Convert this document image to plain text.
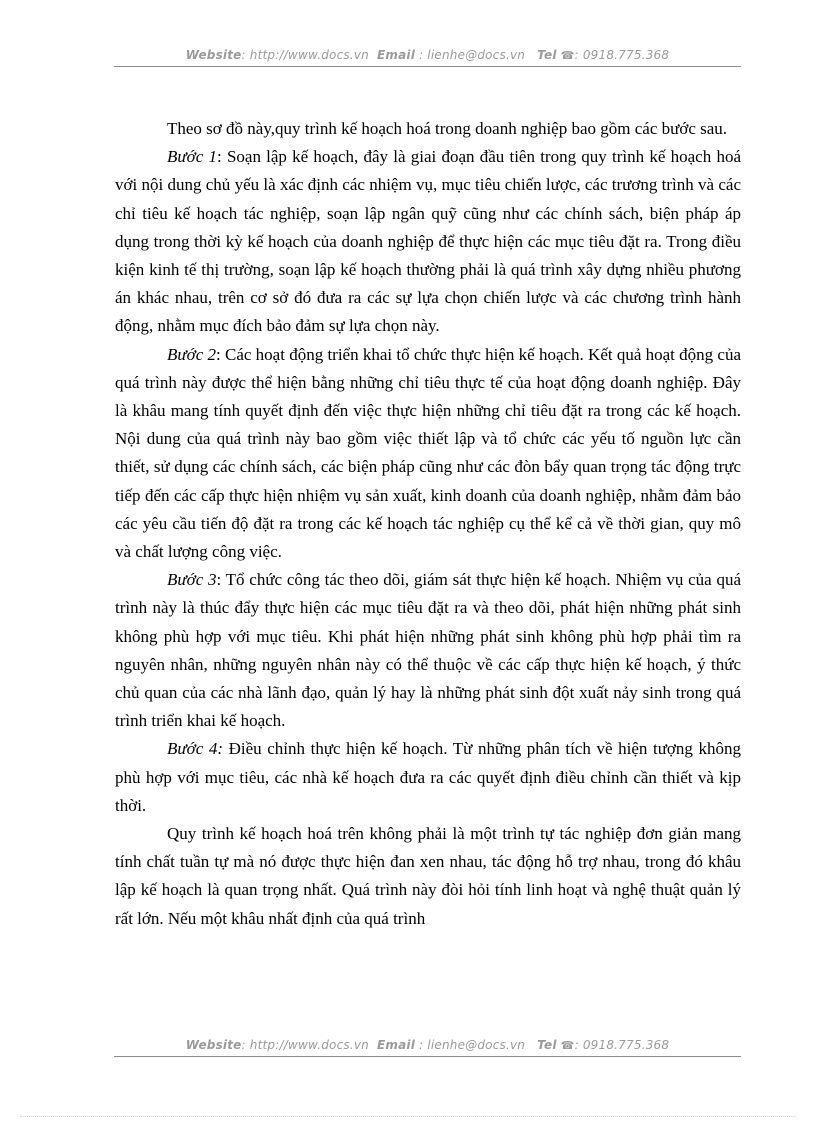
Website: http://www.docs.vn Email : lienhe@docs.vn Tel ☎: 0918.775.368

Theo sơ đồ này,quy trình kế hoạch hoá trong doanh nghiệp bao gồm các bước sau.

Bước 1: Soạn lập kế hoạch, đây là giai đoạn đầu tiên trong quy trình kế hoạch hoá với nội dung chủ yếu là xác định các nhiệm vụ, mục tiêu chiến lược, các trương trình và các chỉ tiêu kế hoạch tác nghiệp, soạn lập ngân quỹ cũng như các chính sách, biện pháp áp dụng trong thời kỳ kế hoạch của doanh nghiệp để thực hiện các mục tiêu đặt ra. Trong điều kiện kinh tế thị trường, soạn lập kế hoạch thường phải là quá trình xây dựng nhiều phương án khác nhau, trên cơ sở đó đưa ra các sự lựa chọn chiến lược và các chương trình hành động, nhằm mục đích bảo đảm sự lựa chọn này.

Bước 2: Các hoạt động triển khai tổ chức thực hiện kế hoạch. Kết quả hoạt động của quá trình này được thể hiện bằng những chỉ tiêu thực tế của hoạt động doanh nghiệp. Đây là khâu mang tính quyết định đến việc thực hiện những chỉ tiêu đặt ra trong các kế hoạch. Nội dung của quá trình này bao gồm việc thiết lập và tổ chức các yếu tố nguồn lực cần thiết, sử dụng các chính sách, các biện pháp cũng như các đòn bẩy quan trọng tác động trực tiếp đến các cấp thực hiện nhiệm vụ sản xuất, kinh doanh của doanh nghiệp, nhằm đảm bảo các yêu cầu tiến độ đặt ra trong các kế hoạch tác nghiệp cụ thể kể cả về thời gian, quy mô và chất lượng công việc.

Bước 3: Tổ chức công tác theo dõi, giám sát thực hiện kế hoạch. Nhiệm vụ của quá trình này là thúc đẩy thực hiện các mục tiêu đặt ra và theo dõi, phát hiện những phát sinh không phù hợp với mục tiêu. Khi phát hiện những phát sinh không phù hợp phải tìm ra nguyên nhân, những nguyên nhân này có thể thuộc về các cấp thực hiện kế hoạch, ý thức chủ quan của các nhà lãnh đạo, quản lý hay là những phát sinh đột xuất nảy sinh trong quá trình triển khai kế hoạch.

Bước 4: Điều chỉnh thực hiện kế hoạch. Từ những phân tích về hiện tượng không phù hợp với mục tiêu, các nhà kế hoạch đưa ra các quyết định điều chỉnh cần thiết và kịp thời.

Quy trình kế hoạch hoá trên không phải là một trình tự tác nghiệp đơn giản mang tính chất tuần tự mà nó được thực hiện đan xen nhau, tác động hỗ trợ nhau, trong đó khâu lập kế hoạch là quan trọng nhất. Quá trình này đòi hỏi tính linh hoạt và nghệ thuật quản lý rất lớn. Nếu một khâu nhất định của quá trình

Website: http://www.docs.vn Email : lienhe@docs.vn Tel ☎: 0918.775.368
